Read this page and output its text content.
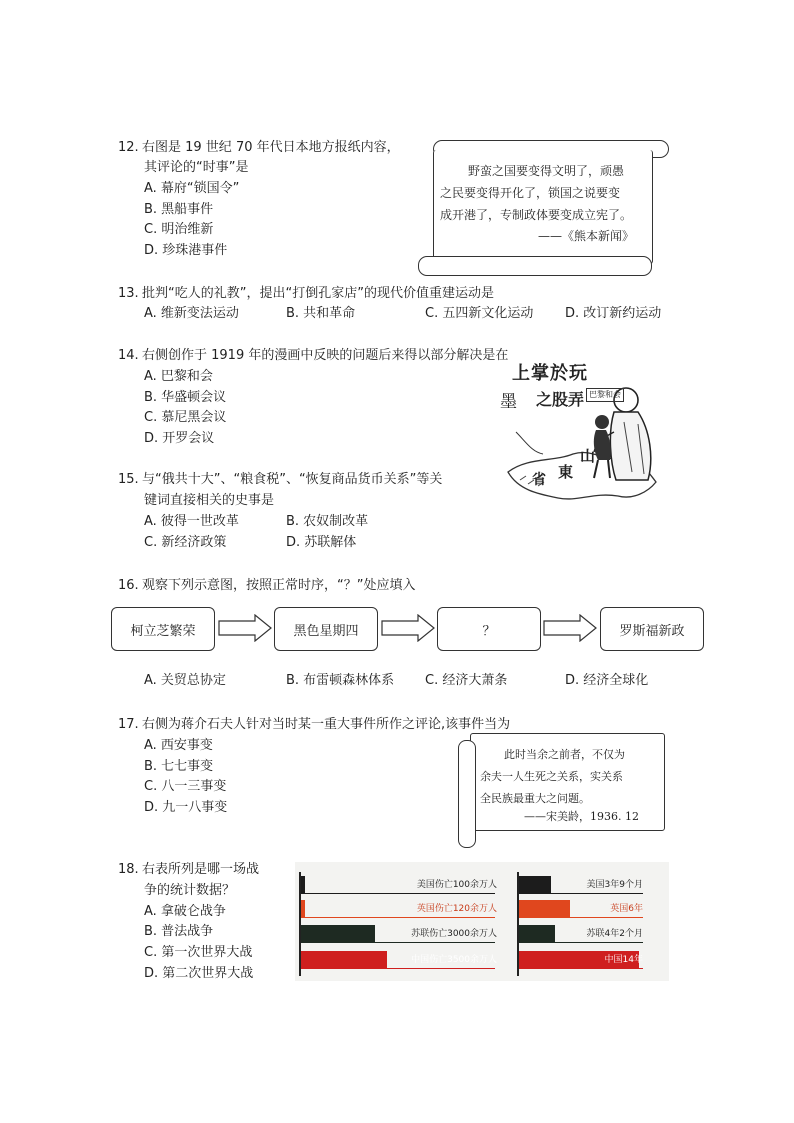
12. 右图是 19 世纪 70 年代日本地方报纸内容，
其评论的“时事”是
A. 幕府“锁国令”
B. 黑船事件
C. 明治维新
D. 珍珠港事件
野蛮之国要变得文明了，顽愚
之民要变得开化了，锁国之说要变
成开港了，专制政体要变成立宪了。
——《熊本新闻》
13. 批判“吃人的礼教”，提出“打倒孔家店”的现代价值重建运动是
A. 维新变法运动	B. 共和革命	C. 五四新文化运动 D. 改订新约运动
14. 右侧创作于 1919 年的漫画中反映的问题后来得以部分解决是在
A. 巴黎和会
B. 华盛顿会议
C. 慕尼黑会议
D. 开罗会议
上掌於玩
之股弄 巴黎和会
墨
山
東
省
15. 与“俄共十大”、“粮食税”、“恢复商品货币关系”等关
键词直接相关的史事是
A. 彼得一世改革	B. 农奴制改革
C. 新经济政策	D. 苏联解体
16. 观察下列示意图，按照正常时序，“？”处应填入
柯立芝繁荣	黑色星期四	？	罗斯福新政
A. 关贸总协定	B. 布雷顿森林体系 C. 经济大萧条	D. 经济全球化
17. 右侧为蒋介石夫人针对当时某一重大事件所作之评论,该事件当为
A. 西安事变
B. 七七事变
C. 八一三事变
D. 九一八事变
此时当余之前者，不仅为
余夫一人生死之关系，实关系
全民族最重大之问题。
——宋美龄，1936. 12
18. 右表所列是哪一场战
争的统计数据？
A. 拿破仑战争
B. 普法战争
C. 第一次世界大战
D. 第二次世界大战
美国伤亡100余万人
英国伤亡120余万人
苏联伤亡3000余万人
中国伤亡3500余万人
美国3年9个月
英国6年
苏联4年2个月
中国14年
